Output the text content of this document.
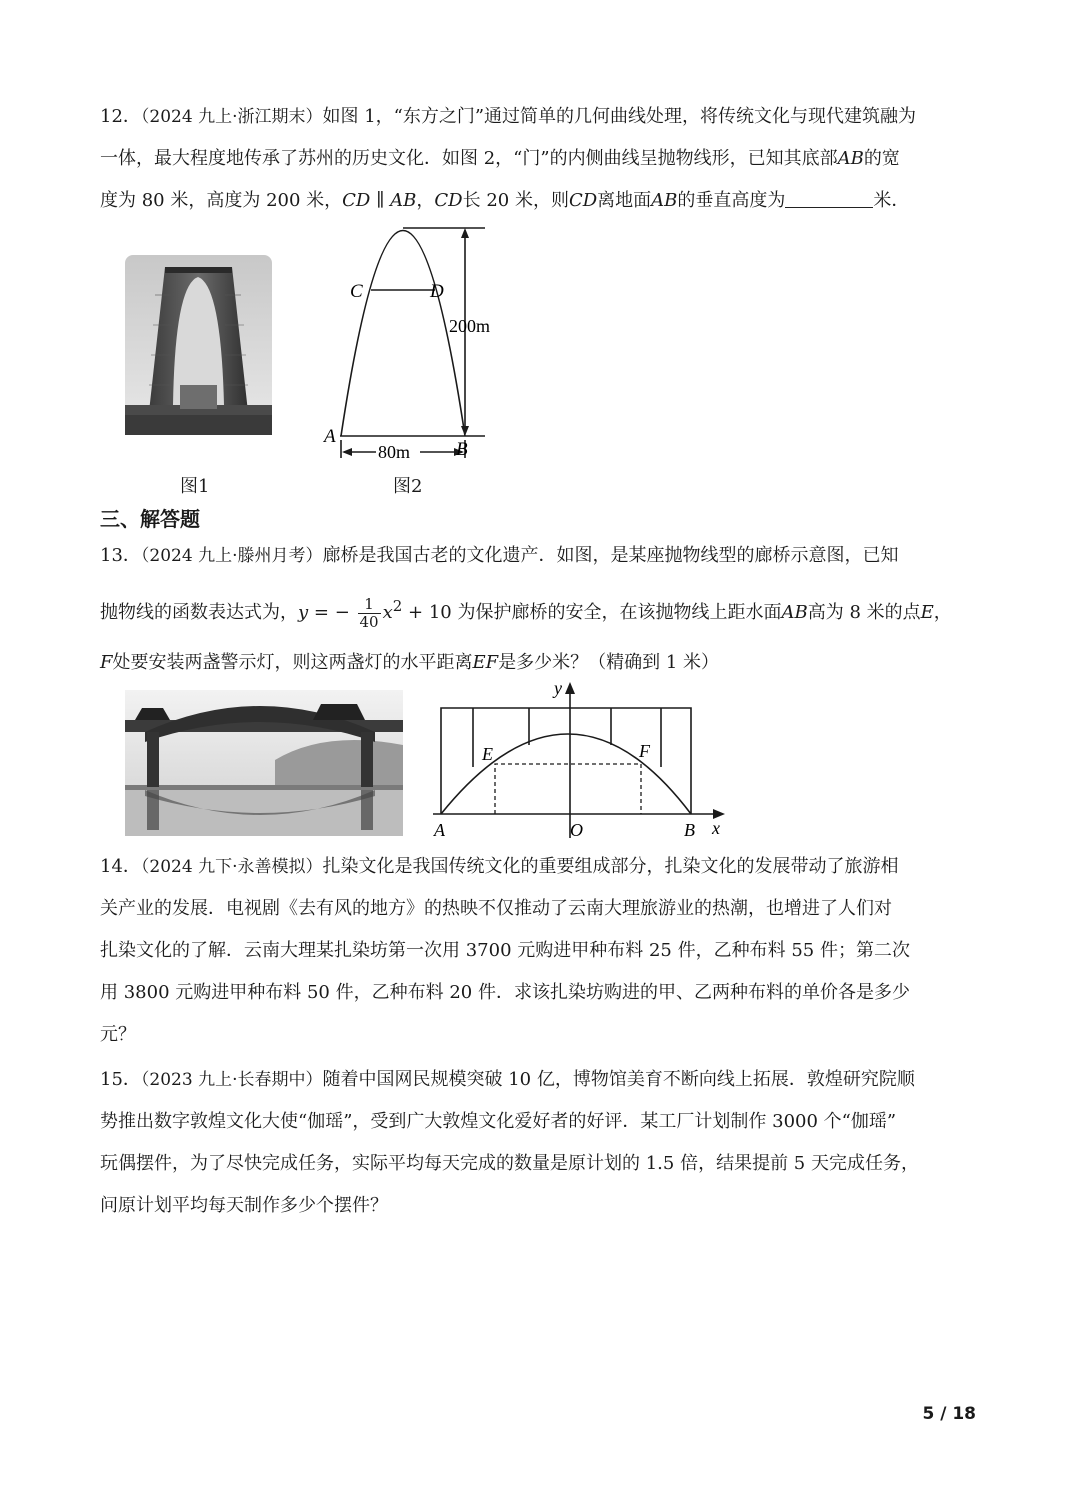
12．（2024 九上·浙江期末）如图 1，“东方之门”通过简单的几何曲线处理，将传统文化与现代建筑融为

一体，最大程度地传承了苏州的历史文化．如图 2，“门”的内侧曲线呈抛物线形，已知其底部AB的宽

度为 80 米，高度为 200 米，CD ∥ AB，CD长 20 米，则CD离地面AB的垂直高度为	米．

图1
C	D
A
B
200m
80m
图2
三、解答题

13．（2024 九上·滕州月考）廊桥是我国古老的文化遗产．如图，是某座抛物线型的廊桥示意图，已知

抛物线的函数表达式为，y = − $\frac{1}{40} x^2 + 10$ 为保护廊桥的安全，在该抛物线上距水面AB高为 8 米的点E，

F处要安装两盏警示灯，则这两盏灯的水平距离EF是多少米？（精确到 1 米）

y
x
E	F
A	O	B

14．（2024 九下·永善模拟）扎染文化是我国传统文化的重要组成部分，扎染文化的发展带动了旅游相

关产业的发展．电视剧《去有风的地方》的热映不仅推动了云南大理旅游业的热潮，也增进了人们对

扎染文化的了解．云南大理某扎染坊第一次用 3700 元购进甲种布料 25 件，乙种布料 55 件；第二次

用 3800 元购进甲种布料 50 件，乙种布料 20 件．求该扎染坊购进的甲、乙两种布料的单价各是多少

元？

15．（2023 九上·长春期中）随着中国网民规模突破 10 亿，博物馆美育不断向线上拓展．敦煌研究院顺

势推出数字敦煌文化大使“伽瑶”，受到广大敦煌文化爱好者的好评．某工厂计划制作 3000 个“伽瑶”

玩偶摆件，为了尽快完成任务，实际平均每天完成的数量是原计划的 1.5 倍，结果提前 5 天完成任务，

问原计划平均每天制作多少个摆件？

5 / 18
